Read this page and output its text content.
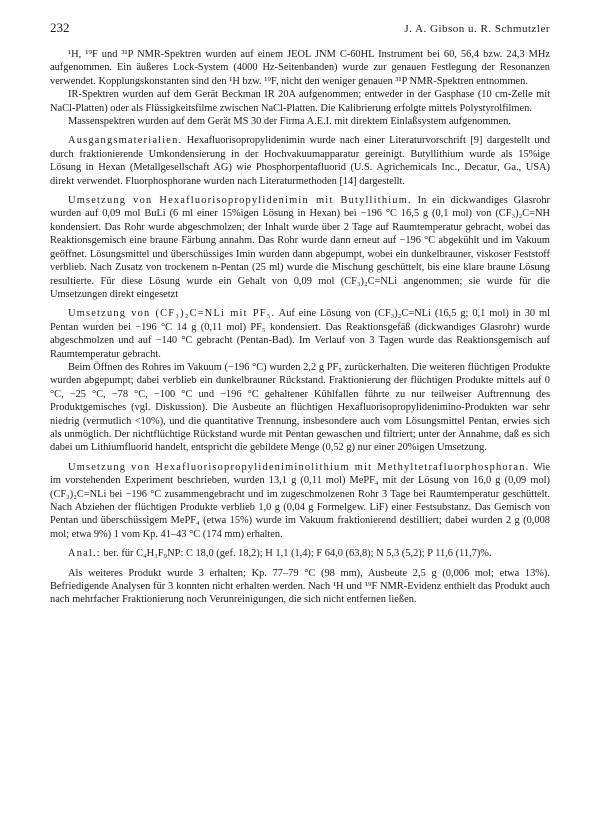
232	J. A. Gibson u. R. Schmutzler

¹H, ¹⁹F und ³¹P NMR-Spektren wurden auf einem JEOL JNM C-60HL Instrument bei 60, 56,4 bzw. 24,3 MHz aufgenommen. Ein äußeres Lock-System (4000 Hz-Seitenbanden) wurde zur genauen Festlegung der Resonanzen verwendet. Kopplungskonstanten sind den ¹H bzw. ¹⁹F, nicht den weniger genauen ³¹P NMR-Spektren entnommen.

IR-Spektren wurden auf dem Gerät Beckman IR 20A aufgenommen; entweder in der Gasphase (10 cm-Zelle mit NaCl-Platten) oder als Flüssigkeitsfilme zwischen NaCl-Platten. Die Kalibrierung erfolgte mittels Polystyrolfilmen.

Massenspektren wurden auf dem Gerät MS 30 der Firma A.E.I. mit direktem Einlaßsystem aufgenommen.

Ausgangsmaterialien. Hexafluorisopropylidenimin wurde nach einer Literaturvorschrift [9] dargestellt und durch fraktionierende Umkondensierung in der Hochvakuumapparatur gereinigt. Butyllithium wurde als 15%ige Lösung in Hexan (Metallgesellschaft AG) wie Phosphorpentafluorid (U.S. Agrichemicals Inc., Decatur, Ga., USA) direkt verwendet. Fluorphosphorane wurden nach Literaturmethoden [14] dargestellt.

Umsetzung von Hexafluorisopropylidenimin mit Butyllithium. In ein dickwandiges Glasrohr wurden auf 0,09 mol BuLi (6 ml einer 15%igen Lösung in Hexan) bei −196 °C 16,5 g (0,1 mol) von (CF₃)₂C=NH kondensiert. Das Rohr wurde abgeschmolzen; der Inhalt wurde über 2 Tage auf Raumtemperatur gebracht, wobei das Reaktionsgemisch eine braune Färbung annahm. Das Rohr wurde dann erneut auf −196 °C abgekühlt und im Vakuum geöffnet. Lösungsmittel und überschüssiges Imin wurden dann abgepumpt, wobei ein dunkelbrauner, viskoser Feststoff verblieb. Nach Zusatz von trockenem n-Pentan (25 ml) wurde die Mischung geschüttelt, bis eine klare braune Lösung resultierte. Für diese Lösung wurde ein Gehalt von 0,09 mol (CF₃)₂C=NLi angenommen; sie wurde für die Umsetzungen direkt eingesetzt

Umsetzung von (CF₃)₂C=NLi mit PF₅. Auf eine Lösung von (CF₃)₂C=NLi (16,5 g; 0,1 mol) in 30 ml Pentan wurden bei −196 °C 14 g (0,11 mol) PF₅ kondensiert. Das Reaktionsgefäß (dickwandiges Glasrohr) wurde abgeschmolzen und auf −140 °C gebracht (Pentan-Bad). Im Verlauf von 3 Tagen wurde das Reaktionsgemisch auf Raumtemperatur gebracht.

Beim Öffnen des Rohres im Vakuum (−196 °C) wurden 2,2 g PF₅ zurückerhalten. Die weiteren flüchtigen Produkte wurden abgepumpt; dabei verblieb ein dunkelbrauner Rückstand. Fraktionierung der flüchtigen Produkte mittels auf 0 °C, −25 °C, −78 °C, −100 °C und −196 °C gehaltener Kühlfallen führte zu nur teilweiser Auftrennung des Produktgemisches (vgl. Diskussion). Die Ausbeute an flüchtigen Hexafluorisopropylidenimino-Produkten war sehr niedrig (vermutlich <10%), und die quantitative Trennung, insbesondere auch vom Lösungsmittel Pentan, erwies sich als unmöglich. Der nichtflüchtige Rückstand wurde mit Pentan gewaschen und filtriert; unter der Annahme, daß es sich dabei um Lithiumfluorid handelt, entspricht die gebildete Menge (0,52 g) nur einer 20%igen Umsetzung.

Umsetzung von Hexafluorisopropylideniminolithium mit Methyltetrafluorphosphoran. Wie im vorstehenden Experiment beschrieben, wurden 13,1 g (0,11 mol) MePF₄ mit der Lösung von 16,0 g (0,09 mol) (CF₃)₂C=NLi bei −196 °C zusammengebracht und im zugeschmolzenen Rohr 3 Tage bei Raumtemperatur geschüttelt. Nach Abziehen der flüchtigen Produkte verblieb 1,0 g (0,04 g Formelgew. LiF) einer Festsubstanz. Das Gemisch von Pentan und überschüssigem MePF₄ (etwa 15%) wurde im Vakuum fraktionierend destilliert; dabei wurden 2 g (0,008 mol; etwa 9%) 1 vom Kp. 41–43 °C (174 mm) erhalten.

Anal.: ber. für C₄H₃F₉NP: C 18,0 (gef. 18,2); H 1,1 (1,4); F 64,0 (63,8); N 5,3 (5,2); P 11,6 (11,7)%.

Als weiteres Produkt wurde 3 erhalten; Kp. 77–79 °C (98 mm), Ausbeute 2,5 g (0,006 mol; etwa 13%). Befriedigende Analysen für 3 konnten nicht erhalten werden. Nach ¹H und ¹⁹F NMR-Evidenz enthielt das Produkt auch nach mehrfacher Fraktionierung noch Verunreinigungen, die sich nicht entfernen ließen.
